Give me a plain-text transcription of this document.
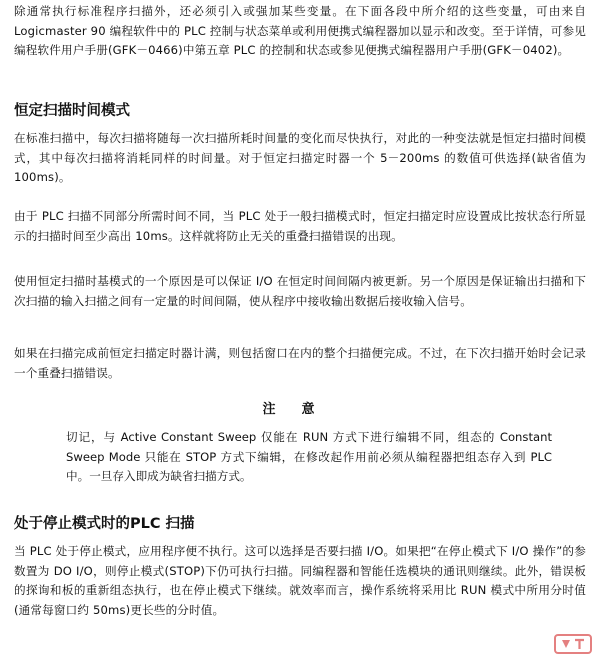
除通常执行标准程序扫描外，还必须引入或强加某些变量。在下面各段中所介绍的这些变量，可由来自 Logicmaster 90 编程软件中的 PLC 控制与状态菜单或利用便携式编程器加以显示和改变。至于详情，可参见编程软件用户手册(GFK－0466)中第五章 PLC 的控制和状态或参见便携式编程器用户手册(GFK－0402)。

恒定扫描时间模式

在标准扫描中，每次扫描将随每一次扫描所耗时间量的变化而尽快执行，对此的一种变法就是恒定扫描时间模式，其中每次扫描将消耗同样的时间量。对于恒定扫描定时器一个 5－200ms 的数值可供选择(缺省值为 100ms)。

由于 PLC 扫描不同部分所需时间不同，当 PLC 处于一般扫描模式时，恒定扫描定时应设置成比按状态行所显示的扫描时间至少高出 10ms。这样就将防止无关的重叠扫描错误的出现。

使用恒定扫描时基模式的一个原因是可以保证 I/O 在恒定时间间隔内被更新。另一个原因是保证输出扫描和下次扫描的输入扫描之间有一定量的时间间隔，使从程序中接收输出数据后接收输入信号。

如果在扫描完成前恒定扫描定时器计满，则包括窗口在内的整个扫描便完成。不过，在下次扫描开始时会记录一个重叠扫描错误。

注意

切记，与 Active Constant Sweep 仅能在 RUN 方式下进行编辑不同，组态的 Constant Sweep Mode 只能在 STOP 方式下编辑，在修改起作用前必须从编程器把组态存入到 PLC 中。一旦存入即成为缺省扫描方式。

处于停止模式时的PLC 扫描

当 PLC 处于停止模式，应用程序便不执行。这可以选择是否要扫描 I/O。如果把“在停止模式下 I/O 操作”的参数置为 DO I/O，则停止模式(STOP)下仍可执行扫描。同编程器和智能任选模块的通讯则继续。此外，错误板的探询和板的重新组态执行，也在停止模式下继续。就效率而言，操作系统将采用比 RUN 模式中所用分时值(通常每窗口约 50ms)更长些的分时值。
